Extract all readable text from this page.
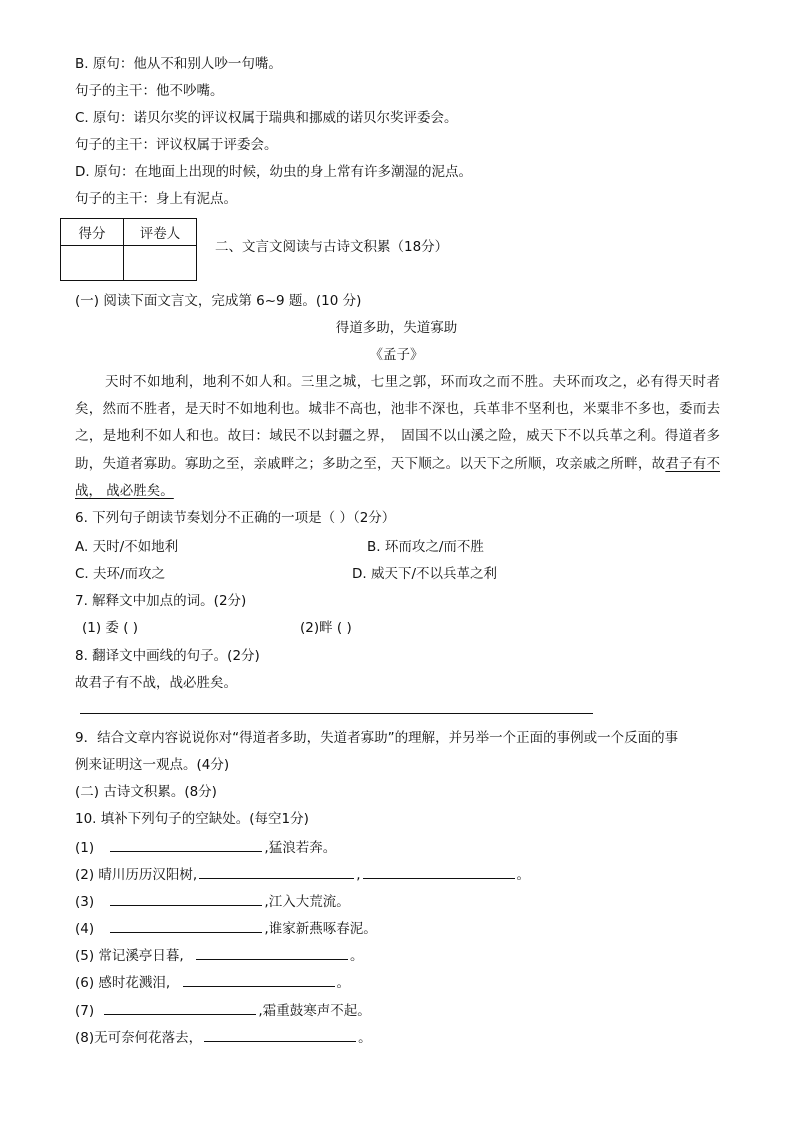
B. 原句：他从不和别人吵一句嘴。
句子的主干：他不吵嘴。
C. 原句：诺贝尔奖的评议权属于瑞典和挪威的诺贝尔奖评委会。
句子的主干：评议权属于评委会。
D. 原句：在地面上出现的时候，幼虫的身上常有许多潮湿的泥点。
句子的主干：身上有泥点。
得分	评卷人

二、文言文阅读与古诗文积累（18分）
(一) 阅读下面文言文，完成第 6~9 题。(10 分)
得道多助，失道寡助
《孟子》
天时不如地利，地利不如人和。三里之城，七里之郭，环而攻之而不胜。夫环而攻之，必有得天时者矣，然而不胜者，是天时不如地利也。城非不高也，池非不深也，兵革非不坚利也，米粟非不多也，委而去之，是地利不如人和也。故曰：域民不以封疆之界，　固国不以山溪之险，威天下不以兵革之利。得道者多助，失道者寡助。寡助之至，亲戚畔之；多助之至，天下顺之。以天下之所顺，攻亲戚之所畔，故君子有不战， 战必胜矣。
6. 下列句子朗读节奏划分不正确的一项是（ ）（2分）
A. 天时/不如地利	B. 环而攻之/而不胜
C. 夫环/而攻之	D. 威天下/不以兵革之利
7. 解释文中加点的词。(2分)
(1) 委 ( )	(2)畔 ( )
8. 翻译文中画线的句子。(2分)
故君子有不战，战必胜矣。
9．结合文章内容说说你对“得道者多助，失道者寡助”的理解，并另举一个正面的事例或一个反面的事
例来证明这一观点。(4分)
(二) 古诗文积累。(8分)
10. 填补下列句子的空缺处。(每空1分)
(1)	,猛浪若奔。
(2) 晴川历历汉阳树,	,	。
(3)	,江入大荒流。
(4)	,谁家新燕啄春泥。
(5) 常记溪亭日暮,	。
(6) 感时花溅泪,	。
(7)	,霜重鼓寒声不起。
(8)无可奈何花落去，	。
